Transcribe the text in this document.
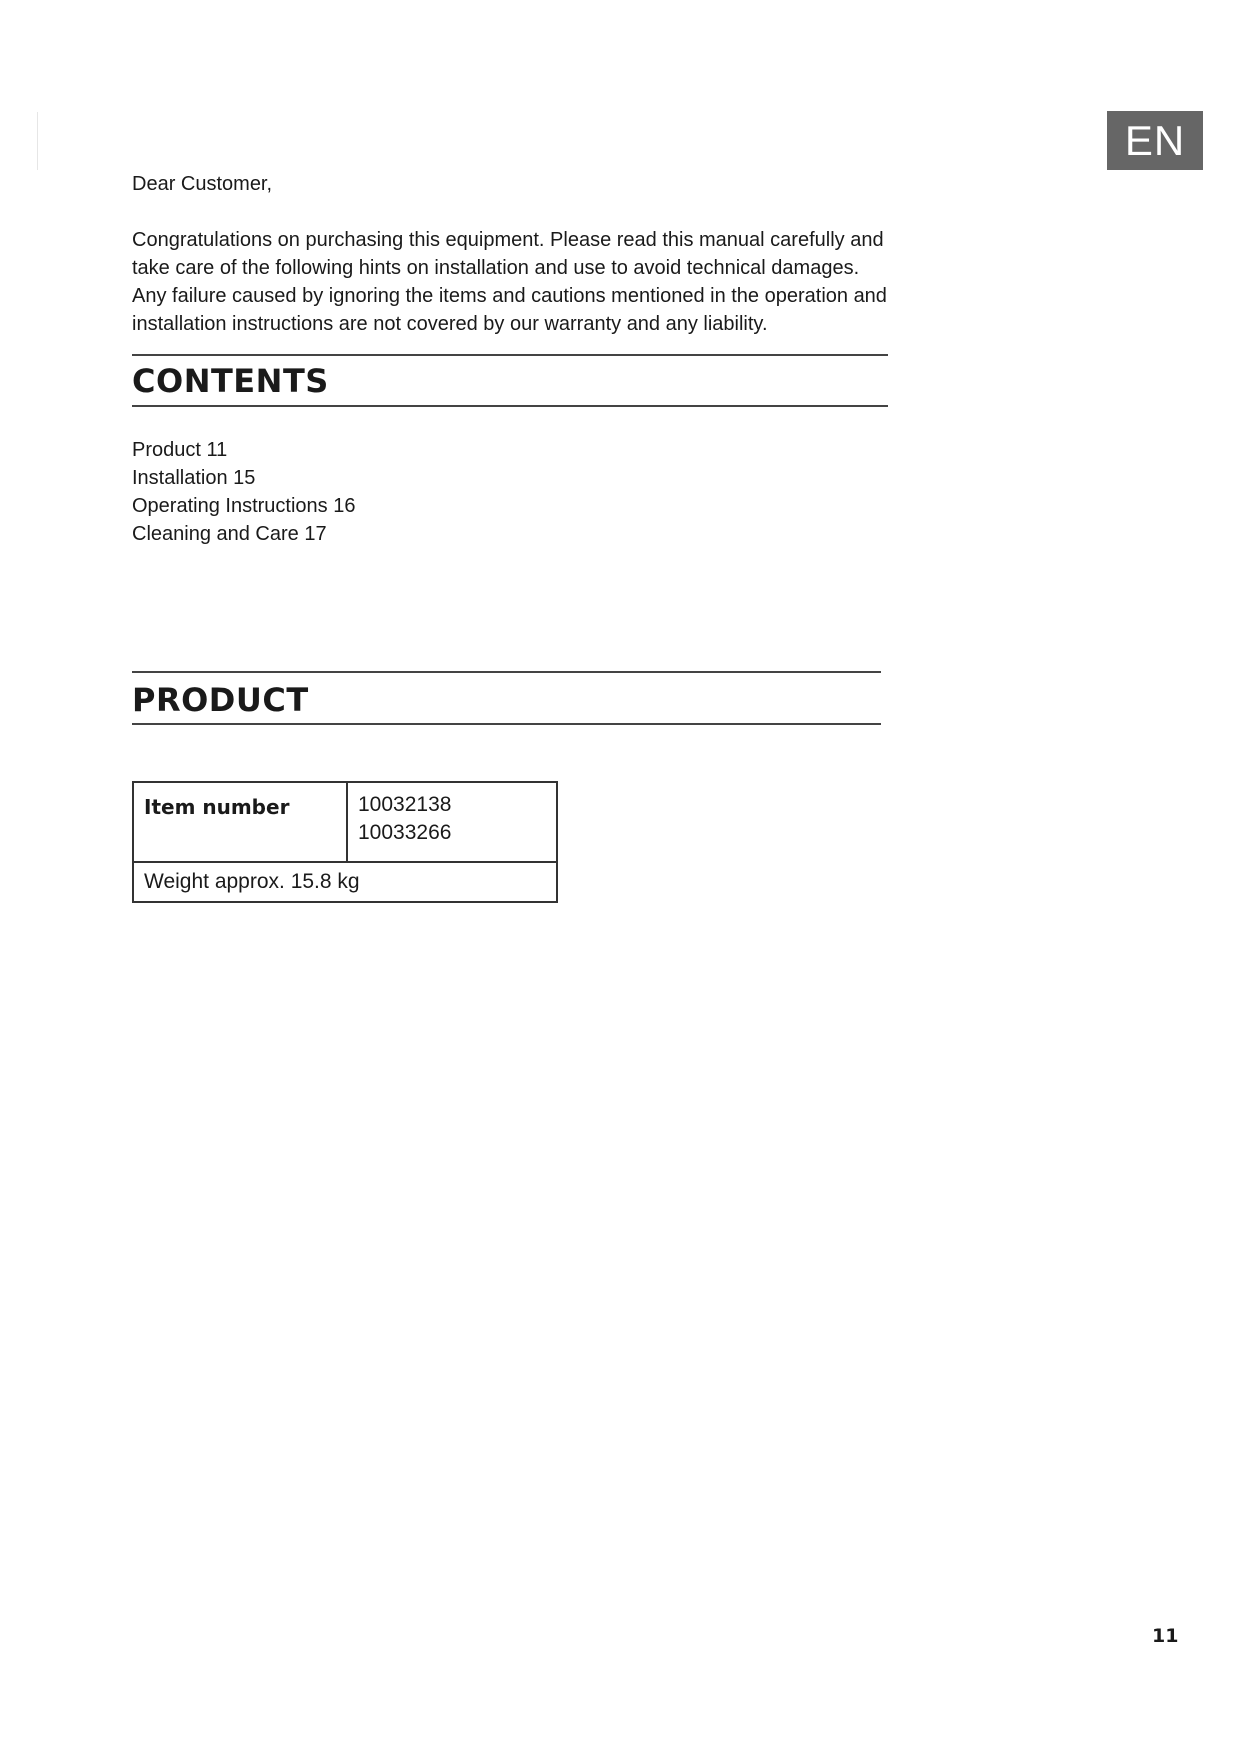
EN
Dear Customer,

Congratulations on purchasing this equipment. Please read this manual carefully and
take care of the following hints on installation and use to avoid technical damages.
Any failure caused by ignoring the items and cautions mentioned in the operation and
installation instructions are not covered by our warranty and any liability.

CONTENTS
Product 11
Installation 15
Operating Instructions 16
Cleaning and Care 17
PRODUCT
Item number	10032138
10033266
Weight approx. 15.8 kg
11
